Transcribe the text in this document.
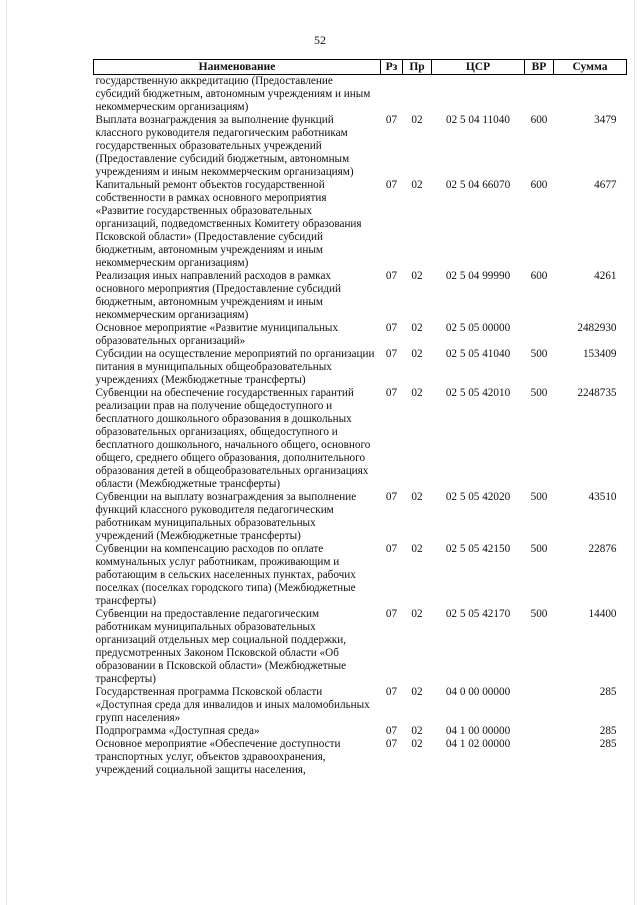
52
Наименование	Рз	Пр	ЦСР	ВР	Сумма
государственную аккредитацию (Предоставление субсидий бюджетным, автономным учреждениям и иным некоммерческим организациям)					
Выплата вознаграждения за выполнение функций классного руководителя педагогическим работникам государственных образовательных учреждений (Предоставление субсидий бюджетным, автономным учреждениям и иным некоммерческим организациям)	07	02	02 5 04 11040	600	3479
Капитальный ремонт объектов государственной собственности в рамках основного мероприятия «Развитие государственных образовательных организаций, подведомственных Комитету образования Псковской области» (Предоставление субсидий бюджетным, автономным учреждениям и иным некоммерческим организациям)	07	02	02 5 04 66070	600	4677
Реализация иных направлений расходов в рамках основного мероприятия (Предоставление субсидий бюджетным, автономным учреждениям и иным некоммерческим организациям)	07	02	02 5 04 99990	600	4261
Основное мероприятие «Развитие муниципальных образовательных организаций»	07	02	02 5 05 00000		2482930
Субсидии на осуществление мероприятий по организации питания в муниципальных общеобразовательных учреждениях (Межбюджетные трансферты)	07	02	02 5 05 41040	500	153409
Субвенции на обеспечение государственных гарантий реализации прав на получение общедоступного и бесплатного дошкольного образования в дошкольных образовательных организациях, общедоступного и бесплатного дошкольного, начального общего, основного общего, среднего общего образования, дополнительного образования детей в общеобразовательных организациях области (Межбюджетные трансферты)	07	02	02 5 05 42010	500	2248735
Субвенции на выплату вознаграждения за выполнение функций классного руководителя педагогическим работникам муниципальных образовательных учреждений (Межбюджетные трансферты)	07	02	02 5 05 42020	500	43510
Субвенции на компенсацию расходов по оплате коммунальных услуг работникам, проживающим и работающим в сельских населенных пунктах, рабочих поселках (поселках городского типа) (Межбюджетные трансферты)	07	02	02 5 05 42150	500	22876
Субвенции на предоставление педагогическим работникам муниципальных образовательных организаций отдельных мер социальной поддержки, предусмотренных Законом Псковской области «Об образовании в Псковской области» (Межбюджетные трансферты)	07	02	02 5 05 42170	500	14400
Государственная программа Псковской области «Доступная среда для инвалидов и иных маломобильных групп населения»	07	02	04 0 00 00000		285
Подпрограмма «Доступная среда»	07	02	04 1 00 00000		285
Основное мероприятие «Обеспечение доступности транспортных услуг, объектов здравоохранения, учреждений социальной защиты населения,	07	02	04 1 02 00000		285
